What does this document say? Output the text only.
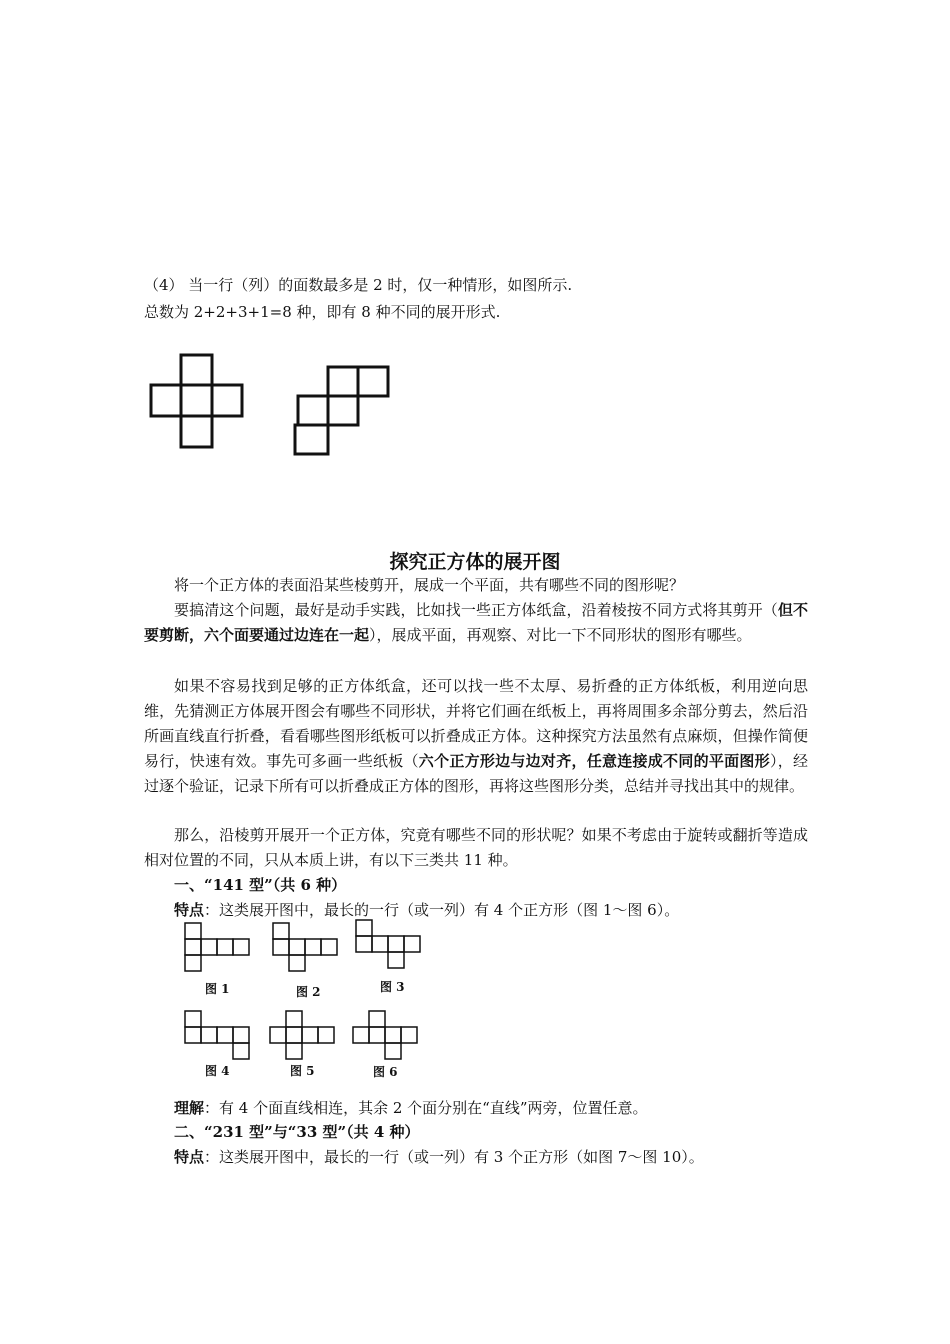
（4） 当一行（列）的面数最多是 2 时，仅一种情形，如图所示.
总数为 2+2+3+1=8 种，即有 8 种不同的展开形式.
探究正方体的展开图

将一个正方体的表面沿某些棱剪开，展成一个平面，共有哪些不同的图形呢？

要搞清这个问题，最好是动手实践，比如找一些正方体纸盒，沿着棱按不同方式将其剪开（但不要剪断，六个面要通过边连在一起），展成平面，再观察、对比一下不同形状的图形有哪些。

如果不容易找到足够的正方体纸盒，还可以找一些不太厚、易折叠的正方体纸板，利用逆向思维，先猜测正方体展开图会有哪些不同形状，并将它们画在纸板上，再将周围多余部分剪去，然后沿所画直线直行折叠，看看哪些图形纸板可以折叠成正方体。这种探究方法虽然有点麻烦，但操作简便易行，快速有效。事先可多画一些纸板（六个正方形边与边对齐，任意连接成不同的平面图形），经过逐个验证，记录下所有可以折叠成正方体的图形，再将这些图形分类，总结并寻找出其中的规律。

那么，沿棱剪开展开一个正方体，究竟有哪些不同的形状呢？如果不考虑由于旋转或翻折等造成相对位置的不同，只从本质上讲，有以下三类共 11 种。

一、“141 型”（共 6 种）
特点：这类展开图中，最长的一行（或一列）有 4 个正方形（图 1～图 6）。
图 1	图 2	图 3
图 4	图 5	图 6
理解：有 4 个面直线相连，其余 2 个面分别在“直线”两旁，位置任意。
二、“231 型”与“33 型”（共 4 种）
特点：这类展开图中，最长的一行（或一列）有 3 个正方形（如图 7～图 10）。
